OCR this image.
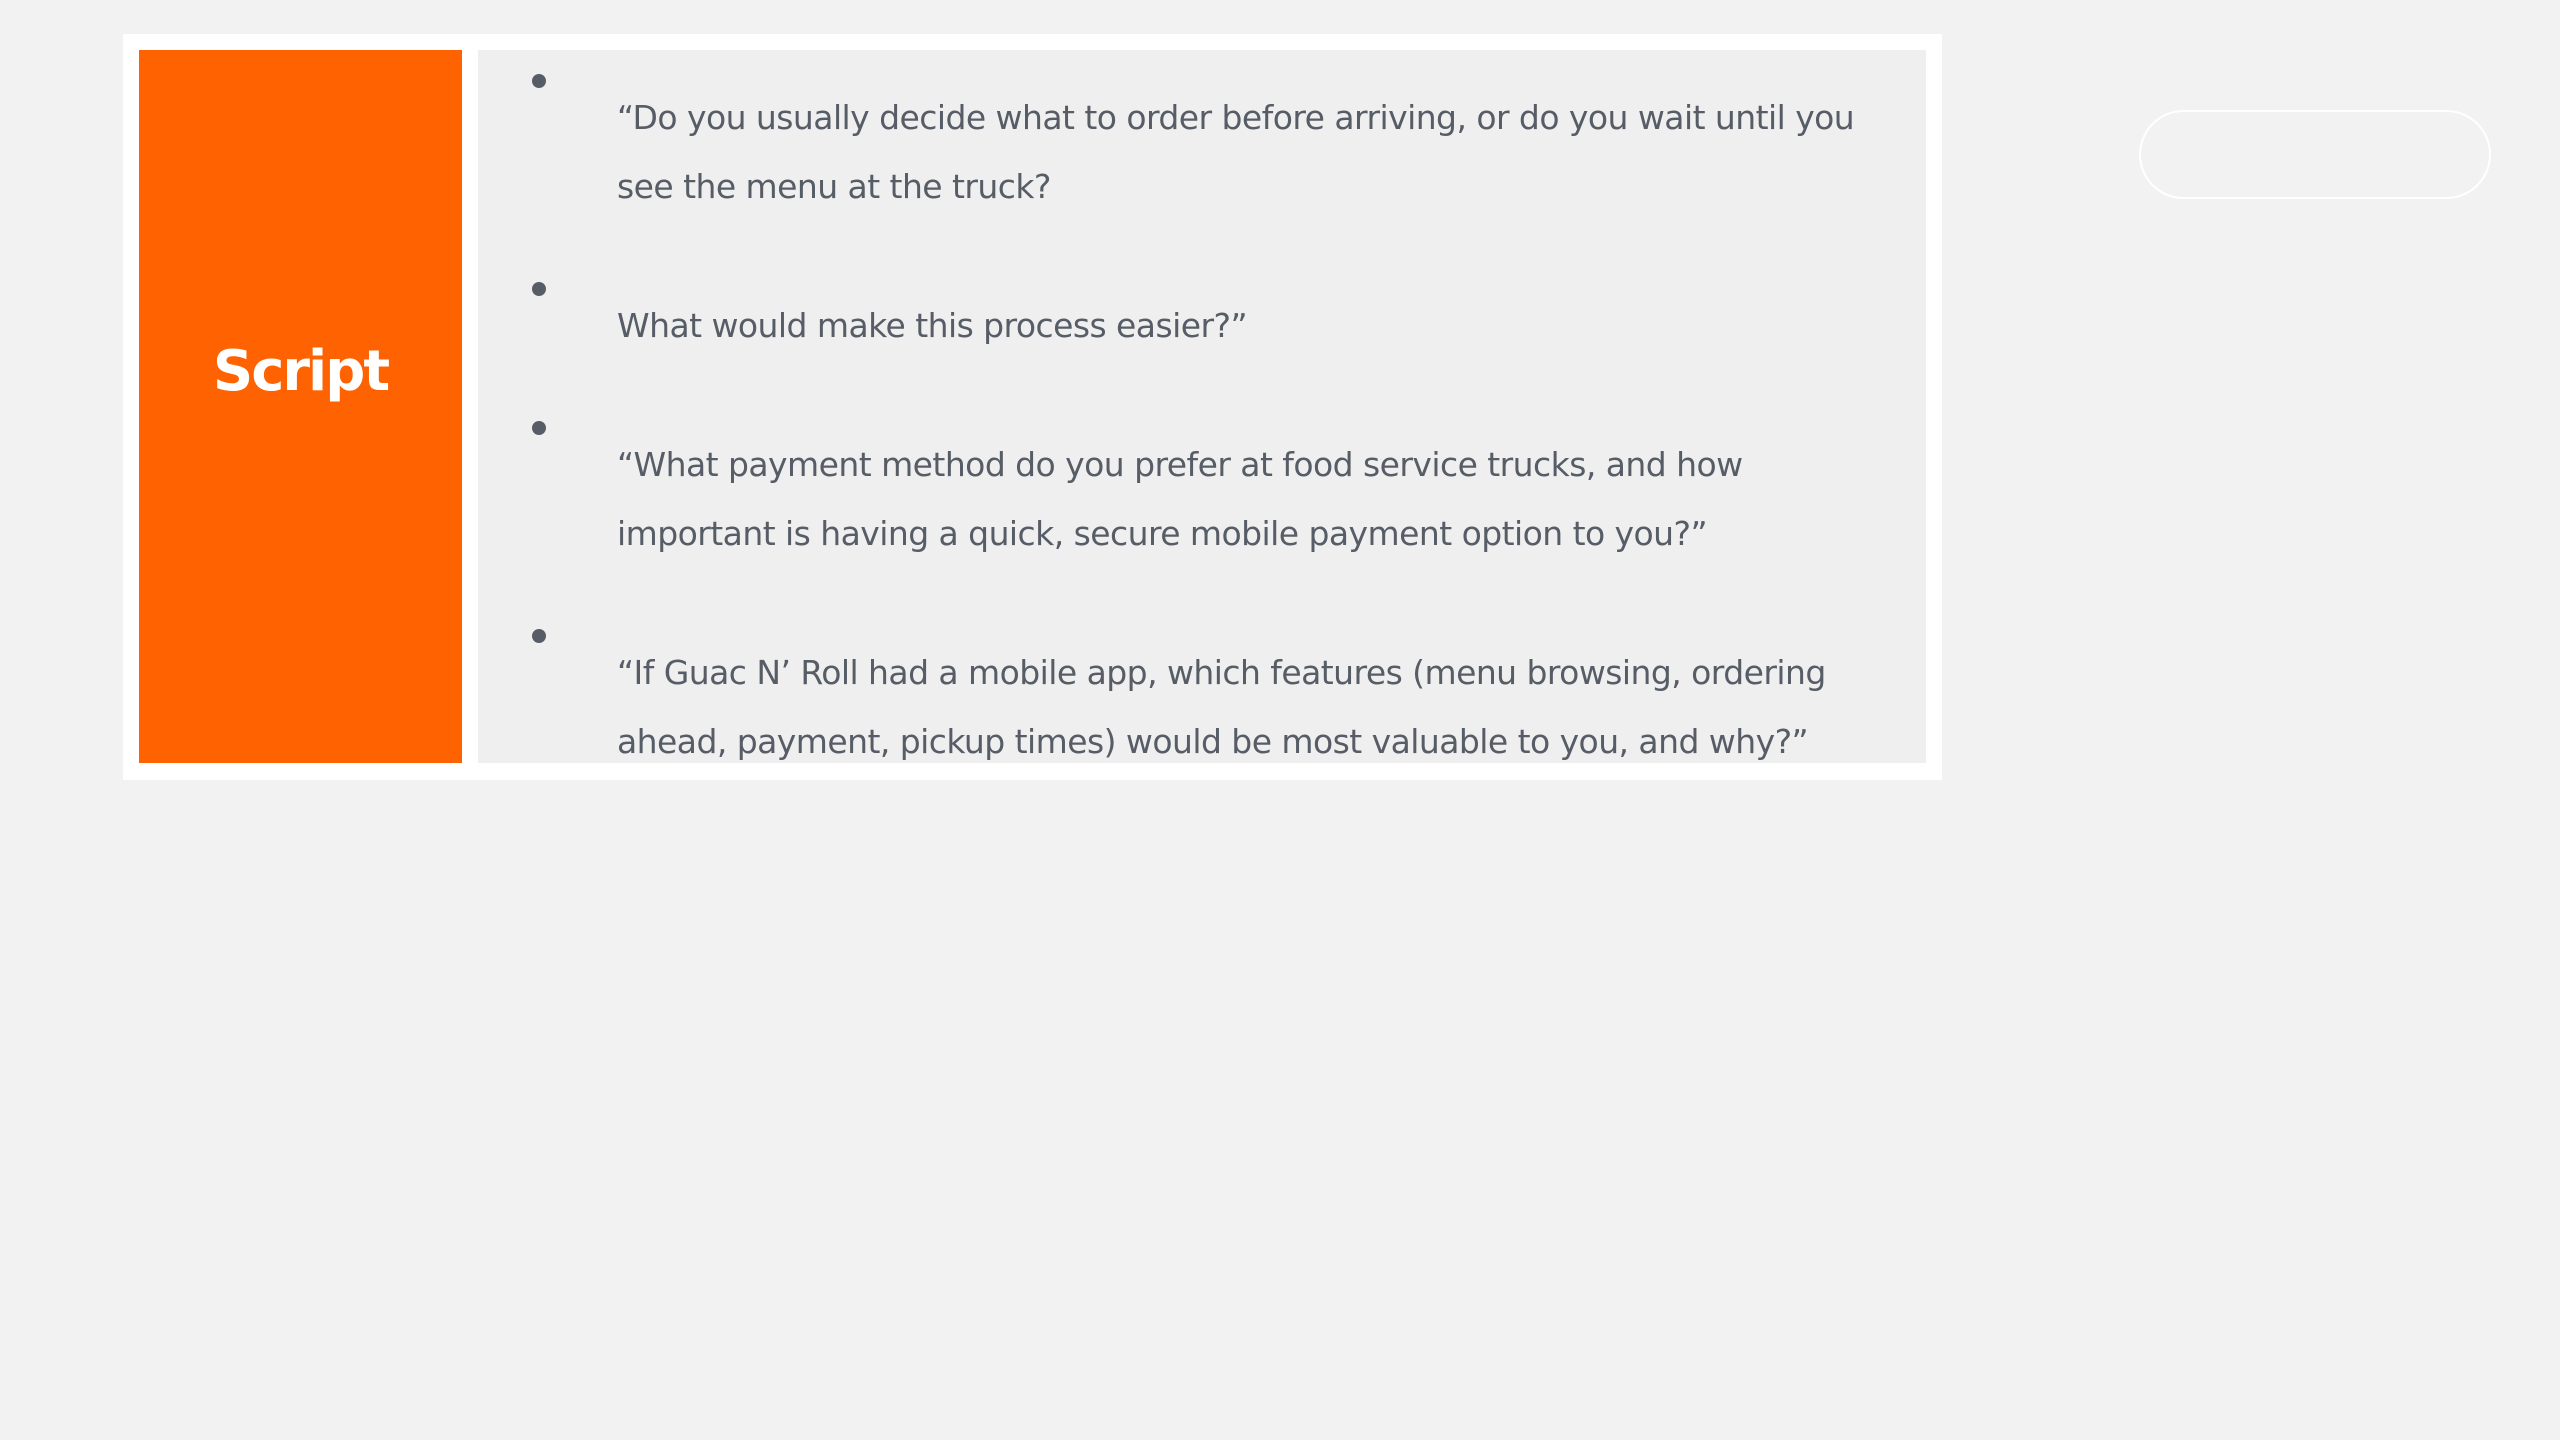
Script

“Do you usually decide what to order before arriving, or do you wait until you see the menu at the truck?

What would make this process easier?”

“What payment method do you prefer at food service trucks, and how important is having a quick, secure mobile payment option to you?”

“If Guac N’ Roll had a mobile app, which features (menu browsing, ordering ahead, payment, pickup times) would be most valuable to you, and why?”
